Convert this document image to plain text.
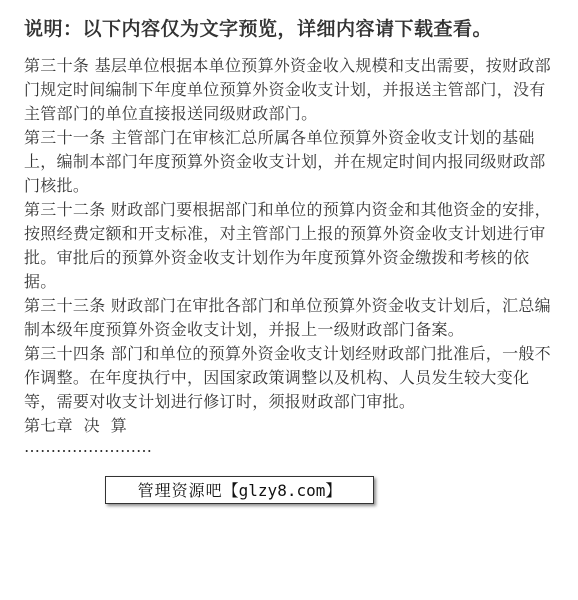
说明：以下内容仅为文字预览，详细内容请下载查看。

第三十条 基层单位根据本单位预算外资金收入规模和支出需要，按财政部门规定时间编制下年度单位预算外资金收支计划，并报送主管部门，没有主管部门的单位直接报送同级财政部门。

第三十一条 主管部门在审核汇总所属各单位预算外资金收支计划的基础上，编制本部门年度预算外资金收支计划，并在规定时间内报同级财政部门核批。

第三十二条 财政部门要根据部门和单位的预算内资金和其他资金的安排，按照经费定额和开支标准，对主管部门上报的预算外资金收支计划进行审批。审批后的预算外资金收支计划作为年度预算外资金缴拨和考核的依据。

第三十三条 财政部门在审批各部门和单位预算外资金收支计划后，汇总编制本级年度预算外资金收支计划，并报上一级财政部门备案。

第三十四条 部门和单位的预算外资金收支计划经财政部门批准后，一般不作调整。在年度执行中，因国家政策调整以及机构、人员发生较大变化等，需要对收支计划进行修订时，须报财政部门审批。

第七章  决  算

……………………

管理资源吧【glzy8.com】
